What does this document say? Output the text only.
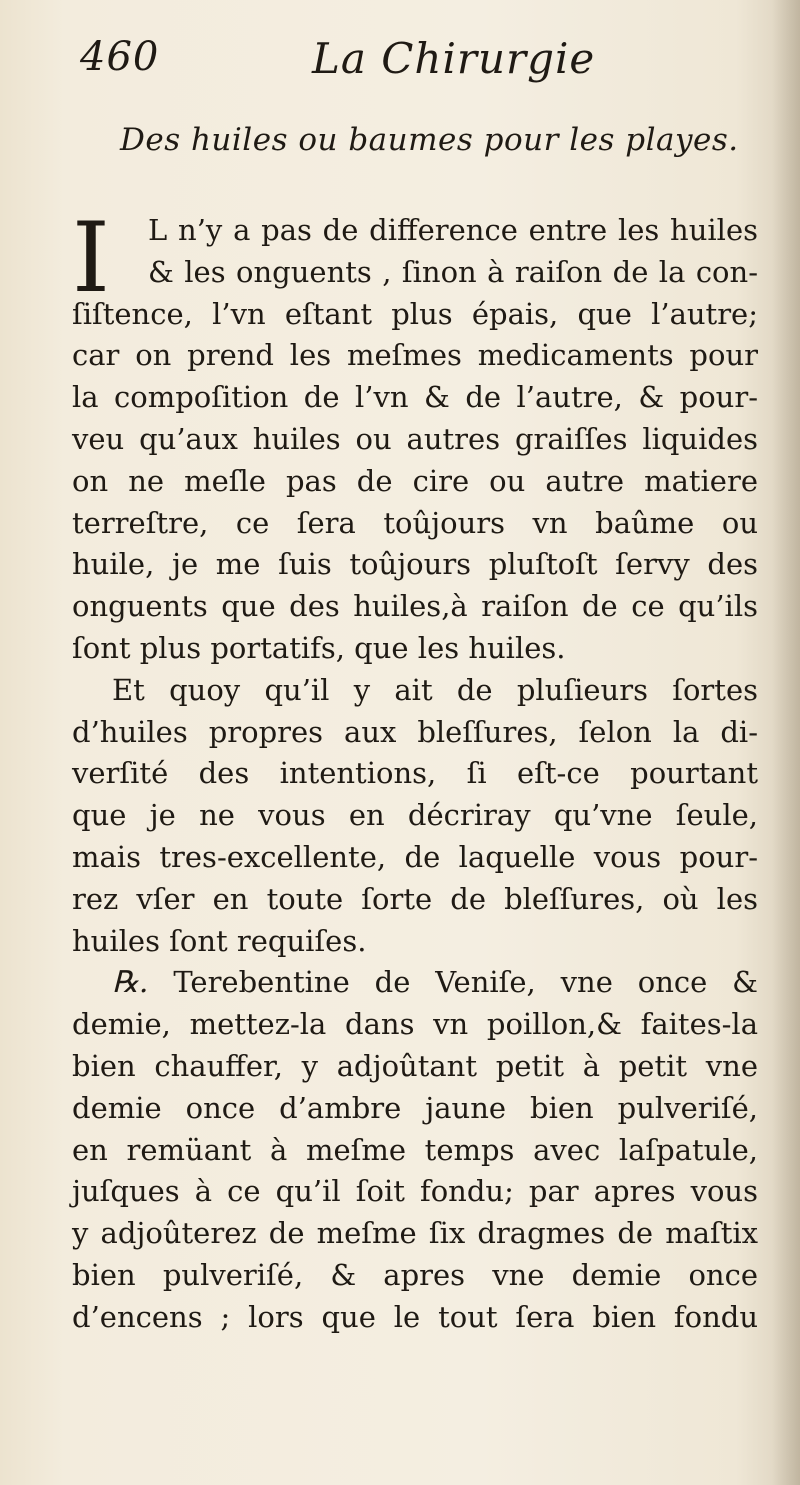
460	La Chirurgie
Des huiles ou baumes pour les playes.
I	L n’y a pas de difference entre les huiles
& les onguents , ſinon à raiſon de la con-
ſiſtence, l’vn eſtant plus épais, que l’autre;
car on prend les meſmes medicaments pour
la compoſition de l’vn & de l’autre, & pour-
veu qu’aux huiles ou autres graiſſes liquides
on ne meſle pas de cire ou autre matiere
terreſtre, ce ſera toûjours vn baûme ou
huile, je me ſuis toûjours pluſtoſt ſervy des
onguents que des huiles,à raiſon de ce qu’ils
ſont plus portatifs, que les huiles.
Et quoy qu’il y ait de pluſieurs ſortes
d’huiles propres aux bleſſures, ſelon la di-
verſité des intentions, ſi eſt-ce pourtant
que je ne vous en décriray qu’vne ſeule,
mais tres-excellente, de laquelle vous pour-
rez vſer en toute ſorte de bleſſures, où les
huiles ſont requiſes.
℞. Terebentine de Veniſe, vne once &
demie, mettez-la dans vn poillon,& faites-la
bien chauffer, y adjoûtant petit à petit vne
demie once d’ambre jaune bien pulveriſé,
en remüant à meſme temps avec laſpatule,
juſques à ce qu’il ſoit fondu; par apres vous
y adjoûterez de meſme ſix dragmes de maſtix
bien pulveriſé, & apres vne demie once
d’encens ; lors que le tout ſera bien fondu
